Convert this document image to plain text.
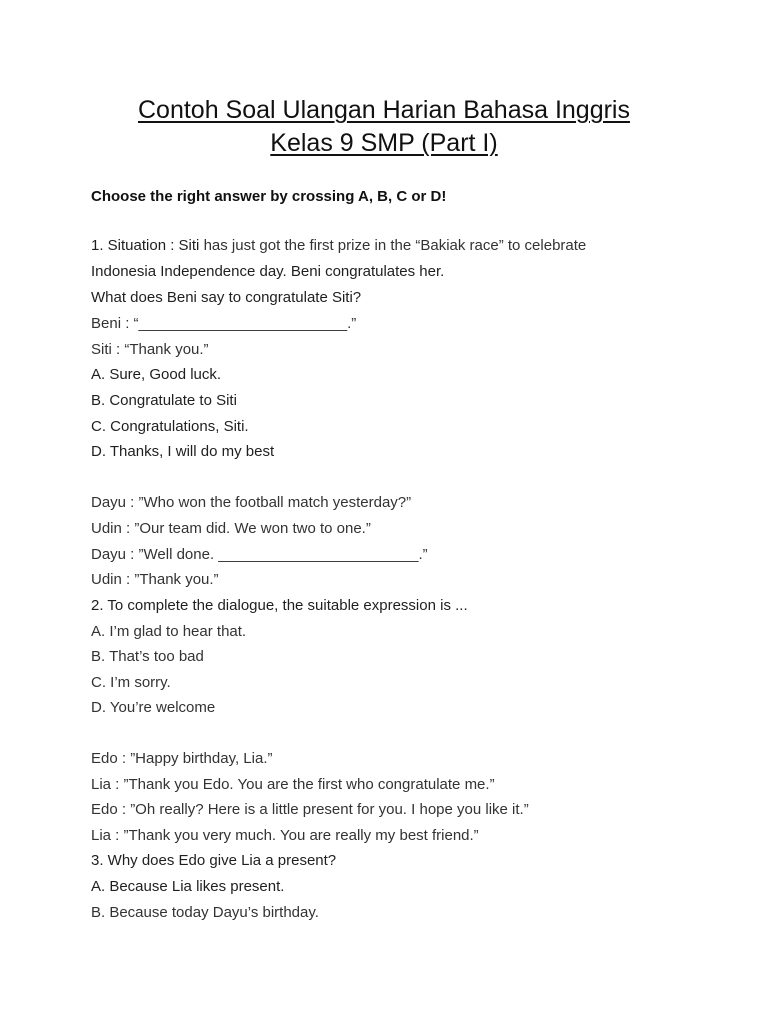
Contoh Soal Ulangan Harian Bahasa Inggris
Kelas 9 SMP (Part I)
Choose the right answer by crossing A, B, C or D!
1. Situation : Siti has just got the first prize in the “Bakiak race” to celebrate
Indonesia Independence day. Beni congratulates her.
What does Beni say to congratulate Siti?
Beni : “_________________________.”
Siti : “Thank you.”
A. Sure, Good luck.
B. Congratulate to Siti
C. Congratulations, Siti.
D. Thanks, I will do my best
Dayu : ”Who won the football match yesterday?”
Udin : ”Our team did. We won two to one.”
Dayu : ”Well done. ________________________.”
Udin : ”Thank you.”
2. To complete the dialogue, the suitable expression is ...
A. I’m glad to hear that.
B. That’s too bad
C. I’m sorry.
D. You’re welcome
Edo : ”Happy birthday, Lia.”
Lia : ”Thank you Edo. You are the first who congratulate me.”
Edo : ”Oh really? Here is a little present for you. I hope you like it.”
Lia : ”Thank you very much. You are really my best friend.”
3. Why does Edo give Lia a present?
A. Because Lia likes present.
B. Because today Dayu’s birthday.
